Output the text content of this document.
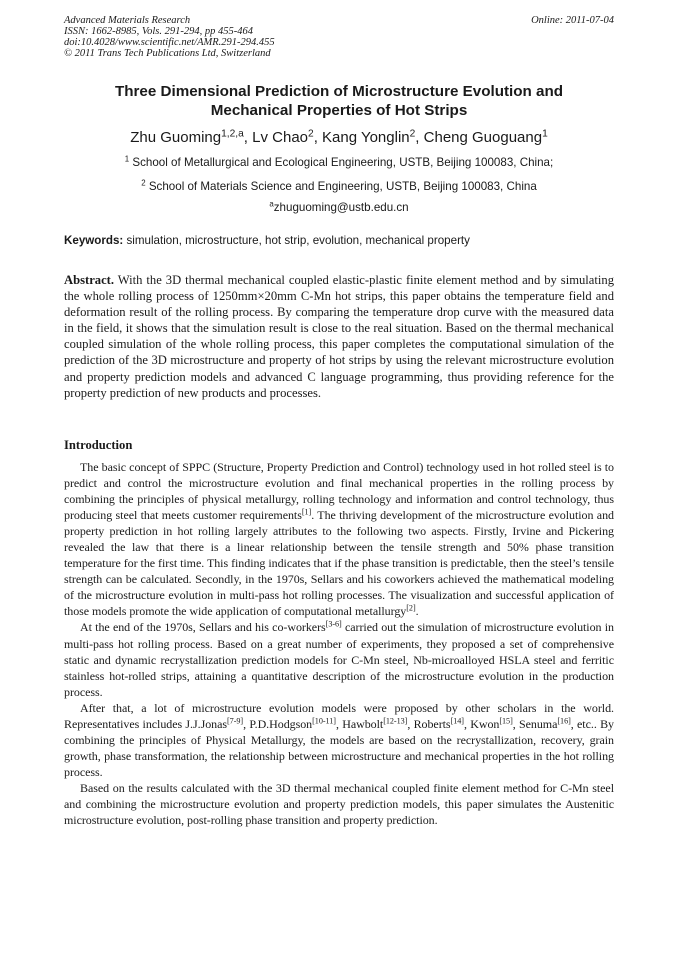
Advanced Materials Research
ISSN: 1662-8985, Vols. 291-294, pp 455-464
doi:10.4028/www.scientific.net/AMR.291-294.455
© 2011 Trans Tech Publications Ltd, Switzerland
Online: 2011-07-04
Three Dimensional Prediction of Microstructure Evolution and
Mechanical Properties of Hot Strips
Zhu Guoming$^{1,2,a}$, Lv Chao$^2$, Kang Yonglin$^2$, Cheng Guoguang$^1$
$^1$ School of Metallurgical and Ecological Engineering, USTB, Beijing 100083, China;
$^2$ School of Materials Science and Engineering, USTB, Beijing 100083, China
$^a$zhuguoming@ustb.edu.cn
Keywords: simulation, microstructure, hot strip, evolution, mechanical property
Abstract. With the 3D thermal mechanical coupled elastic-plastic finite element method and by simulating the whole rolling process of 1250mm×20mm C-Mn hot strips, this paper obtains the temperature field and deformation result of the rolling process. By comparing the temperature drop curve with the measured data in the field, it shows that the simulation result is close to the real situation. Based on the thermal mechanical coupled simulation of the whole rolling process, this paper completes the computational simulation of the prediction of the 3D microstructure and property of hot strips by using the relevant microstructure evolution and property prediction models and advanced C language programming, thus providing reference for the property prediction of new products and processes.
Introduction

The basic concept of SPPC (Structure, Property Prediction and Control) technology used in hot rolled steel is to predict and control the microstructure evolution and final mechanical properties in the rolling process by combining the principles of physical metallurgy, rolling technology and information and control technology, thus producing steel that meets customer requirements[1]. The thriving development of the microstructure evolution and property prediction in hot rolling largely attributes to the following two aspects. Firstly, Irvine and Pickering revealed the law that there is a linear relationship between the tensile strength and 50% phase transition temperature for the first time. This finding indicates that if the phase transition is predictable, then the steel’s tensile strength can be calculated. Secondly, in the 1970s, Sellars and his coworkers achieved the mathematical modeling of the microstructure evolution in multi-pass hot rolling processes. The visualization and successful application of those models promote the wide application of computational metallurgy[2].

At the end of the 1970s, Sellars and his co-workers[3-6] carried out the simulation of microstructure evolution in multi-pass hot rolling process. Based on a great number of experiments, they proposed a set of comprehensive static and dynamic recrystallization prediction models for C-Mn steel, Nb-microalloyed HSLA steel and ferritic stainless hot-rolled strips, attaining a quantitative description of the microstructure evolution in the production process.

After that, a lot of microstructure evolution models were proposed by other scholars in the world. Representatives includes J.J.Jonas[7-9], P.D.Hodgson[10-11], Hawbolt[12-13], Roberts[14], Kwon[15], Senuma[16], etc.. By combining the principles of Physical Metallurgy, the models are based on the recrystallization, recovery, grain growth, phase transformation, the relationship between microstructure and mechanical properties in the hot rolling process.

Based on the results calculated with the 3D thermal mechanical coupled finite element method for C-Mn steel and combining the microstructure evolution and property prediction models, this paper simulates the Austenitic microstructure evolution, post-rolling phase transition and property prediction.
